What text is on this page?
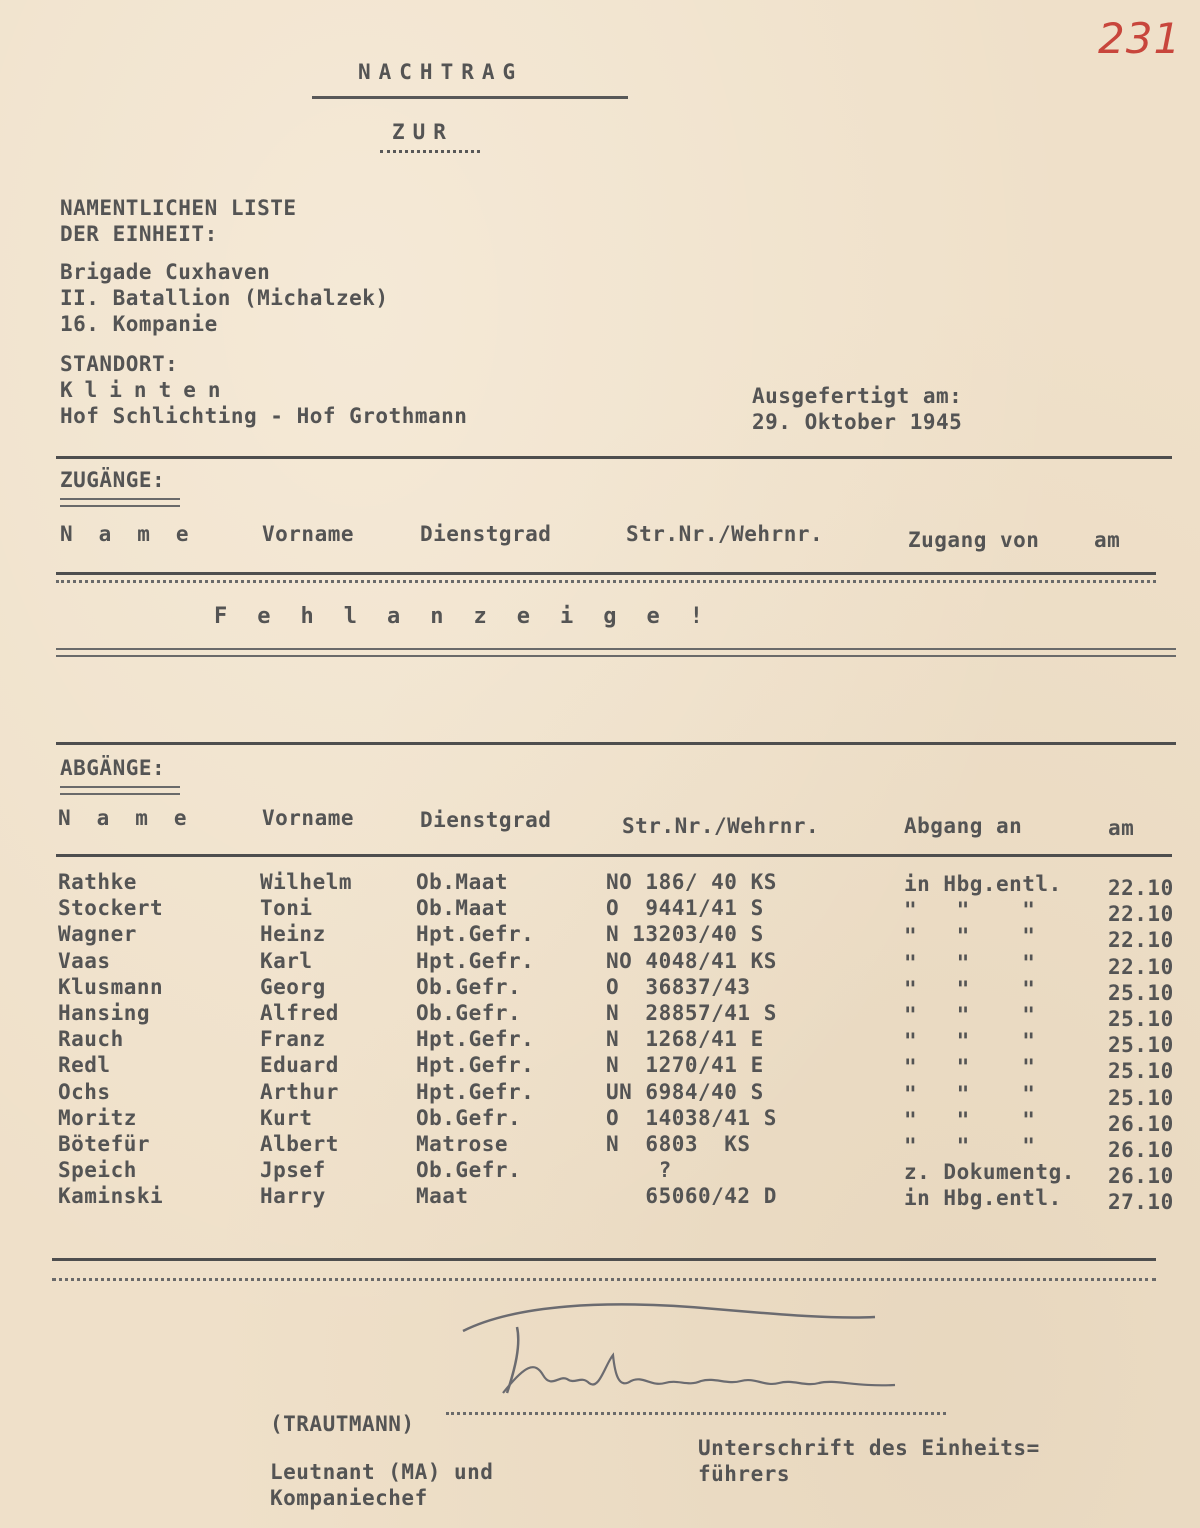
231
NACHTRAG
ZUR
NAMENTLICHEN LISTE
DER EINHEIT:
Brigade Cuxhaven
II. Batallion (Michalzek)
16. Kompanie
STANDORT:
Klinten
Hof Schlichting - Hof Grothmann
Ausgefertigt am:
29. Oktober 1945
ZUGÄNGE:
Name Vorname	Dienstgrad	Str.Nr./Wehrnr.	Zugang von	am
Fehlanzeige!
ABGÄNGE:
Name Vorname	Dienstgrad	Str.Nr./Wehrnr.	Abgang an	am
Rathke	Wilhelm	Ob.Maat	NO 186/ 40 KS	in Hbg.entl. 22.10
Stockert	Toni	Ob.Maat	O  9441/41 S	"   "    "	22.10
Wagner	Heinz	Hpt.Gefr.	N 13203/40 S	"   "    "	22.10
Vaas	Karl	Hpt.Gefr.	NO 4048/41 KS	"   "    "	22.10
Klusmann	Georg	Ob.Gefr.	O  36837/43	"   "    "	25.10
Hansing	Alfred	Ob.Gefr.	N  28857/41 S	"   "    "	25.10
Rauch	Franz	Hpt.Gefr.	N  1268/41 E	"   "    "	25.10
Redl	Eduard	Hpt.Gefr.	N  1270/41 E	"   "    "	25.10
Ochs	Arthur	Hpt.Gefr.	UN 6984/40 S	"   "    "	25.10
Moritz	Kurt	Ob.Gefr.	O  14038/41 S	"   "    "	26.10
Bötefür	Albert	Matrose	N  6803  KS	"   "    "	26.10
Speich	Jpsef	Ob.Gefr.	?	z. Dokumentg. 26.10
Kaminski	Harry	Maat	65060/42 D	in Hbg.entl. 27.10
(TRAUTMANN)
Leutnant (MA) und
Kompaniechef
Unterschrift des Einheits=
führers
